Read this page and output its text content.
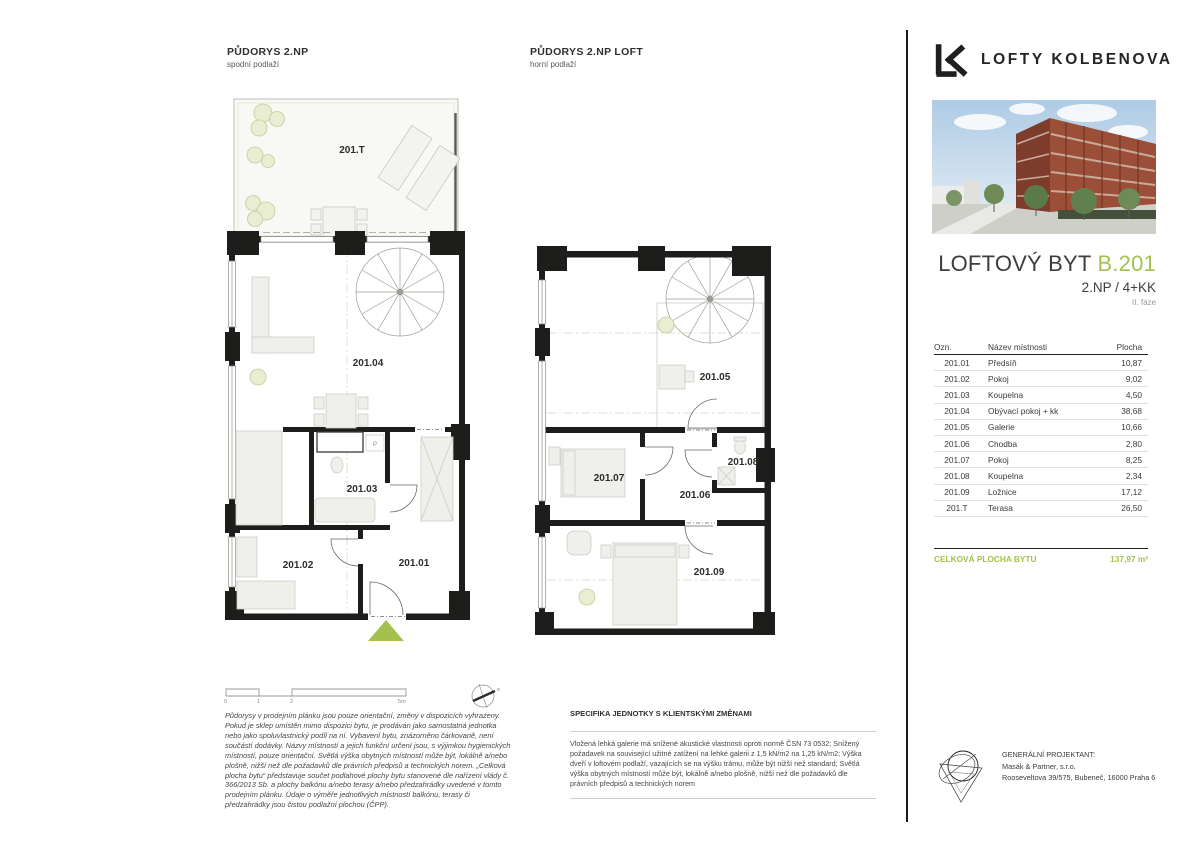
PŮDORYS 2.NP
spodní podlaží
PŮDORYS 2.NP LOFT
horní podlaží
201.T
201.04
201.03
201.02	201.01
P
201.05
201.07
201.06
201.08
201.09
0	1	2	5m
s
Půdorysy v prodejním plánku jsou pouze orientační, změny v dispozicích vyhrazeny. Pokud je sklep umístěn mimo dispozici bytu, je prodáván jako samostatná jednotka nebo jako spoluvlastnický podíl na ní. Vybavení bytu, znázorněno čárkovaně, není součástí dodávky. Názvy místností a jejich funkční určení jsou, s výjimkou hygienických místností, pouze orientační. Světlá výška obytných místností může být, lokálně a/nebo plošně, nižší než dle požadavků dle právních předpisů a technických norem. „Celková plocha bytu“ představuje součet podlahové plochy bytu stanovené dle nařízení vlády č. 366/2013 Sb. a plochy balkónu a/nebo terasy a/nebo předzahrádky uvedené v tomto prodejním plánku. Údaje o výměře jednotlivých místností balkónu, terasy či předzahrádky jsou čistou podlažní plochou (ČPP).
SPECIFIKA JEDNOTKY S KLIENTSKÝMI ZMĚNAMI
Vložená lehká galerie má snížené akustické vlastnosti oproti normě ČSN 73 0532; Snížený požadavek na související užitné zatížení na lehké galerii z 1,5 kN/m2 na 1,25 kN/m2; Výška dveří v loftovém podlaží, vazajících se na výšku trámu, může být nižší než standard; Světlá výška obytných místností může být, lokálně a/nebo plošně, nižší než dle požadavků dle právních předpisů a technických norem
LOFTY KOLBENOVA
LOFTOVÝ BYT B.201
2.NP / 4+KK
II. fáze
Ozn.	Název místnosti	Plocha
201.01	Předsíň	10,87
201.02	Pokoj	9,02
201.03	Koupelna	4,50
201.04	Obývací pokoj + kk	38,68
201.05	Galerie	10,66
201.06	Chodba	2,80
201.07	Pokoj	8,25
201.08	Koupelna	2,34
201.09	Ložnice	17,12
201.T	Terasa	26,50
CELKOVÁ PLOCHA BYTU	137,97 m²
GENERÁLNÍ PROJEKTANT:
Masák & Partner, s.r.o.
Rooseveltova 39/575, Bubeneč, 16000 Praha 6
